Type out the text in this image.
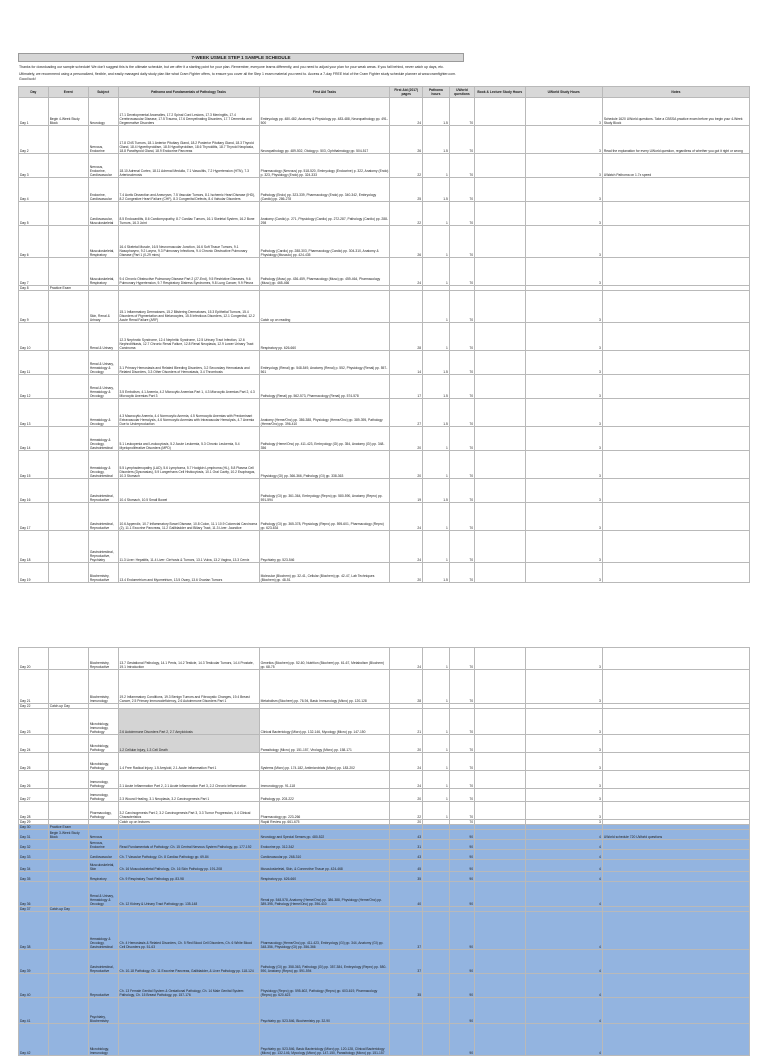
7-WEEK USMLE STEP 1 SAMPLE SCHEDULE

Thanks for downloading our sample schedule! We don't suggest this is the ultimate schedule, but we offer it a starting point for your plan. Remember, everyone learns differently, and you need to adjust your plan for your weak areas. If you fall behind, never catch up days, etc.

Ultimately, we recommend using a personalized, flexible, and easily managed daily study plan like what Cram Fighter offers, to ensure you cover all the Step 1 exam material you need to. Access a 7-day FREE trial of the Cram Fighter study schedule planner at www.cramfighter.com. Good luck!

Day	Event	Subject	Pathoma and Fundamentals of Pathology Tasks	First Aid Tasks	First Aid (2017) pages	Pathoma hours	UWorld questions	Book & Lecture Study Hours	UWorld Study Hours	Notes
Day 1	Begin 4-Week Study Block	Neurology	17.1 Developmental Anomalies, 17.2 Spinal Cord Lesions, 17.3 Meningitis, 17.4 Cerebrovascular Disease, 17.5 Trauma, 17.6 Demyelinating Disorders, 17.7 Dementia and Degenerative Disorders	Embryology pp. 480-482, Anatomy & Physiology pp. 483-488, Neuropathology pp. 491-500	24	1.5	70		3	Schedule 1620 UWorld questions. Take a CBSSA practice exam before you begin your 4-Week Study Block
Day 2		Nervous, Endocrine	17.8 CNS Tumors, 18.1 Anterior Pituitary Gland, 18.2 Posterior Pituitary Gland, 18.3 Thyroid Gland, 18.4 Hyperthyroidism, 18.5 Hypothyroidism, 18.6 Thyroiditis, 18.7 Thyroid Neoplasia, 18.8 Parathyroid Gland, 18.9 Endocrine Pancreas	Neuropathology pp. 489-502, Otology p. 503, Ophthalmology pp. 504-517	26	1.5	70		3	Read the explanation for every UWorld question, regardless of whether you got it right or wrong
Day 3		Nervous, Endocrine, Cardiovascular	18.10 Adrenal Cortex, 18.11 Adrenal Medulla, 7.1 Vasculitis, 7.2 Hypertension (HTN), 7.3 Arteriosclerosis	Pharmacology (Nervous) pp. 518-520, Embryology (Endocrine) p. 322, Anatomy (Endo) p. 323, Physiology (Endo) pp. 324-333	22	1	70		3	UWatch Pathoma on 1.7x speed
Day 4		Endocrine, Cardiovascular	7.4 Aortic Dissection and Aneurysm, 7.5 Vascular Tumors, 8.1 Ischemic Heart Disease (IHD), 8.2 Congestive Heart Failure (CHF), 8.3 Congenital Defects, 8.4 Valvular Disorders	Pathology (Endo) pp. 323-339, Pharmacology (Endo) pp. 340-342, Embryology (Cardio) pp. 286-278	25	1.5	70		3	
Day 5		Cardiovascular, Musculoskeletal	8.5 Endocarditis, 8.6 Cardiomyopathy, 8.7 Cardiac Tumors, 16.1 Skeletal System, 16.2 Bone Tumors, 16.3 Joint	Anatomy (Cardio) p. 271, Physiology (Cardio) pp. 272-287, Pathology (Cardio) pp. 288-298	22	1	70		3	
Day 6		Musculoskeletal, Respiratory	16.4 Skeletal Muscle, 16.5 Neuromuscular Junction, 16.6 Soft Tissue Tumors, 9.1 Nasopharynx, 9.2 Larynx, 9.3 Pulmonary Infections, 9.4 Chronic Obstructive Pulmonary Disease (Part 1 (0-29 mins)	Pathology (Cardio) pp. 288-303, Pharmacology (Cardio) pp. 304-310, Anatomy & Physiology (Musculo) pp. 424-435	26	1	70		3	
Day 7		Musculoskeletal, Respiratory	9.4 Chronic Obstructive Pulmonary Disease Part 2 (27-End), 9.5 Restrictive Diseases, 9.6 Pulmonary Hypertension, 9.7 Respiratory Distress Syndromes, 9.8 Lung Cancer, 9.9 Pleura	Pathology (Musc) pp. 436-459, Pharmacology (Musc) pp. 459-464, Pharmacology (Musc) pp. 465-466	24	1	70		3	
Day 8	Practice Exam									
Day 9		Skin, Renal & Urinary	15.1 Inflammatory Dermatoses, 15.2 Blistering Dermatoses, 15.3 Epithelial Tumors, 15.4 Disorders of Pigmentation and Melanocytes, 15.5 Infectious Disorders, 12.1 Congenital, 12.2 Acute Renal Failure (ARF)	Catch up on reading		1	70		3	
Day 10		Renal & Urinary	12.3 Nephrotic Syndrome, 12.4 Nephritic Syndrome, 12.5 Urinary Tract Infection, 12.6 Nephrolithiasis, 12.7 Chronic Renal Failure, 12.8 Renal Neoplasia, 12.9 Lower Urinary Tract Carcinoma	Respiratory pp. 626-660	28	1	70		3	
Day 11		Renal & Urinary, Hematology & Oncology	3.1 Primary Hemostasis and Related Bleeding Disorders, 3.2 Secondary Hemostasis and Related Disorders, 3.3 Other Disorders of Hemostasis, 3.4 Thrombosis	Embryology (Renal) pp. 548-549, Anatomy (Renal) p. 552, Physiology (Renal) pp. 557-561	14	1.5	70		3	
Day 12		Renal & Urinary, Hematology & Oncology	3.5 Embolism, 4.1 Anemia, 4.2 Microcytic Anemias Part 1, 4.3 Microcytic Anemias Part 2, 4.3 Microcytic Anemias Part 3	Pathology (Renal) pp. 562-573, Pharmacology (Renal) pp. 574-578	17	1.5	70		3	
Day 13		Hematology & Oncology	4.3 Macrocytic Anemia, 4.4 Normocytic Anemia, 4.5 Normocytic Anemias with Predominant Extravascular Hemolysis, 4.6 Normocytic Anemias with Intravascular Hemolysis, 4.7 Anemia Due to Underproduction	Anatomy (Heme/Onc) pp. 386-388, Physiology (Heme/Onc) pp. 389-395, Pathology (Heme/Onc) pp. 396-410	27	1.5	70		3	
Day 14		Hematology & Oncology, Gastrointestinal	5.1 Leukopenia and Leukocytosis, 5.2 Acute Leukemia, 5.3 Chronic Leukemia, 5.4 Myeloproliferative Disorders (MPD)	Pathology (Heme/Onc) pp. 411-423, Embryology (GI) pp. 354, Anatomy (GI) pp. 348-356	20	1	70		3	
Day 15		Hematology & Oncology, Gastrointestinal	5.5 Lymphadenopathy (LAD), 5.6 Lymphoma, 5.7 Hodgkin Lymphoma (HL), 5.8 Plasma Cell Disorders (Dyscrasias), 5.9 Langerhans Cell Histiocytosis, 10.1 Oral Cavity, 10.2 Esophagus, 10.3 Stomach	Physiology (GI) pp. 366-366, Pathology (GI) pp. 338-363	20	1	70		3	
Day 16		Gastrointestinal, Reproductive	10.4 Stomach, 10.5 Small Bowel	Pathology (GI) pp. 361-364, Embryology (Repro) pp. 580-590, Anatomy (Repro) pp. 591-594	19	1.5	70		3	
Day 17		Gastrointestinal, Reproductive	10.6 Appendix, 10.7 Inflammatory Bowel Disease, 10.8 Colon, 11.1 10.9 Colorectal Carcinoma (2), 11.1 Exocrine Pancreas, 11.2 Gallbladder and Biliary Tract, 11.3 Liver: Jaundice	Pathology (GI) pp. 365-378, Physiology (Repro) pp. 595-601, Pharmacology (Repro) pp. 623-634	24	1	70		3	
Day 18		Gastrointestinal, Reproductive, Psychiatry	11.3 Liver: Hepatitis, 11.4 Liver: Cirrhosis & Tumors, 13.1 Vulva, 13.2 Vagina, 13.3 Cervix	Psychiatry pp. 523-546	24	1	70		3	
Day 19		Biochemistry, Reproductive	13.4 Endometrium and Myometrium, 13.5 Ovary, 13.6 Ovarian Tumors	Molecular (Biochem) pp. 32-41, Cellular (Biochem) pp. 42-47, Lab Techniques (Biochem) pp. 48-51	20	1.5	70		3	
Day 20		Biochemistry, Reproductive	13.7 Gestational Pathology, 14.1 Penis, 14.2 Testicle, 14.3 Testicular Tumors, 14.4 Prostate, 19.1 Introduction	Genetics (Biochem) pp. 52-60, Nutrition (Biochem) pp. 61-67, Metabolism (Biochem) pp. 68-75	24	1	70		3	
Day 21		Biochemistry, Immunology	19.2 Inflammatory Conditions, 19.3 Benign Tumors and Fibrocystic Changes, 19.4 Breast Cancer, 2.5 Primary Immunodeficiency, 2.6 Autoimmune Disorders Part 1	Metabolism (Biochem) pp. 76-94, Basic Immunology (Micro) pp. 120-128	28	1	70		3	
Day 22	Catch-up Day									
Day 23		Microbiology, Immunology, Pathology	2.6 Autoimmune Disorders Part 2, 2.7 Amyloidosis	Clinical Bacteriology (Micro) pp. 132-146, Mycology (Micro) pp. 147-150	21	1	70		3	
Day 24		Microbiology, Pathology	1.2 Cellular Injury, 1.3 Cell Death	Parasitology (Micro) pp. 151-157, Virology (Micro) pp. 158-171	20	1	70		3	
Day 25		Microbiology, Pathology	1.4 Free Radical Injury, 1.5 Amyloid, 2.1 Acute Inflammation Part 1	Systems (Micro) pp. 174-182, Antimicrobials (Micro) pp. 183-202	24	1	70		3	
Day 26		Immunology, Pathology	2.1 Acute Inflammation Part 2, 2.1 Acute Inflammation Part 3, 2.2 Chronic Inflammation	Immunology pp. 91-118	24	1	70		3	
Day 27		Immunology, Pathology	2.3 Wound Healing, 3.1 Neoplasia, 3.2 Carcinogenesis Part 1	Pathology pp. 203-222	20	1	70		3	
Day 28		Pharmacology, Pathology	3.2 Carcinogenesis Part 2, 3.2 Carcinogenesis Part 3, 3.3 Tumor Progression, 3.4 Clinical Characteristics	Pharmacology pp. 223-266	22	1	70		3	
Day 29			Catch up on lectures	Rapid Review pp. 661-675	20		70		3	
Day 30	Practice Exam									
Day 31	Begin 3-Week Study Block	Nervous		Neurology and Special Senses pp. 480-522	43		90		4	UWorld schedule 720 UWorld questions
Day 32		Nervous, Endocrine	Read Fundamentals of Pathology: Ch. 15 Central Nervous System Pathology, pp. 177-192	Endocrine pp. 312-342	31		90		4	
Day 33		Cardiovascular	Ch. 7 Vascular Pathology, Ch. 8 Cardiac Pathology pp. 69-84	Cardiovascular pp. 268-310	43		90		4	
Day 34		Musculoskeletal, Skin	Ch. 16 Musculoskeletal Pathology, Ch. 16 Skin Pathology pp. 191-208	Musculoskeletal, Skin, & Connective Tissue pp. 424-468	45		90		4	
Day 35		Respiratory	Ch. 9 Respiratory Tract Pathology pp. 83-98	Respiratory pp. 626-660	35		90		4	
Day 36		Renal & Urinary, Hematology & Oncology	Ch. 12 Kidney & Urinary Tract Pathology pp. 135-148	Renal pp. 548-578, Anatomy (Heme/Onc) pp. 386-388, Physiology (Heme/Onc) pp. 389-395, Pathology (Heme/Onc) pp. 396-410	40		90		4	
Day 37	Catch-up Day									
Day 38		Hematology & Oncology, Gastrointestinal	Ch. 4 Hemostasis & Related Disorders, Ch. 5 Red Blood Cell Disorders, Ch. 6 White Blood Cell Disorders pp. 51-63	Pharmacology (Heme/Onc) pp. 411-423, Embryology (GI) pp. 344, Anatomy (GI) pp. 348-356, Physiology (GI) pp. 356-366	37		90		4	
Day 39		Gastrointestinal, Reproductive	Ch. 10-18 Pathology, Ch. 11 Exocrine Pancreas, Gallbladder, & Liver Pathology pp. 118-124	Pathology (GI) pp. 358-363, Pathology (GI) pp. 357-384, Embryology (Repro) pp. 580-590, Anatomy (Repro) pp. 591-594	37		90		4	
Day 40		Reproductive	Ch. 13 Female Genital System & Gestational Pathology, Ch. 14 Male Genital System Pathology, Ch. 15 Breast Pathology, pp. 157-176	Physiology (Repro) pp. 595-602, Pathology (Repro) pp. 603-619, Pharmacology (Repro) pp. 620-623	35		90		4	
Day 41		Psychiatry, Biochemistry		Psychiatry pp. 523-546, Biochemistry pp. 32-90			90		4	
Day 42		Microbiology, Immunology		Psychiatry pp. 523-546, Basic Bacteriology (Micro) pp. 120-128, Clinical Bacteriology (Micro) pp. 132-146, Mycology (Micro) pp. 147-150, Parasitology (Micro) pp. 151-157			90		4	
